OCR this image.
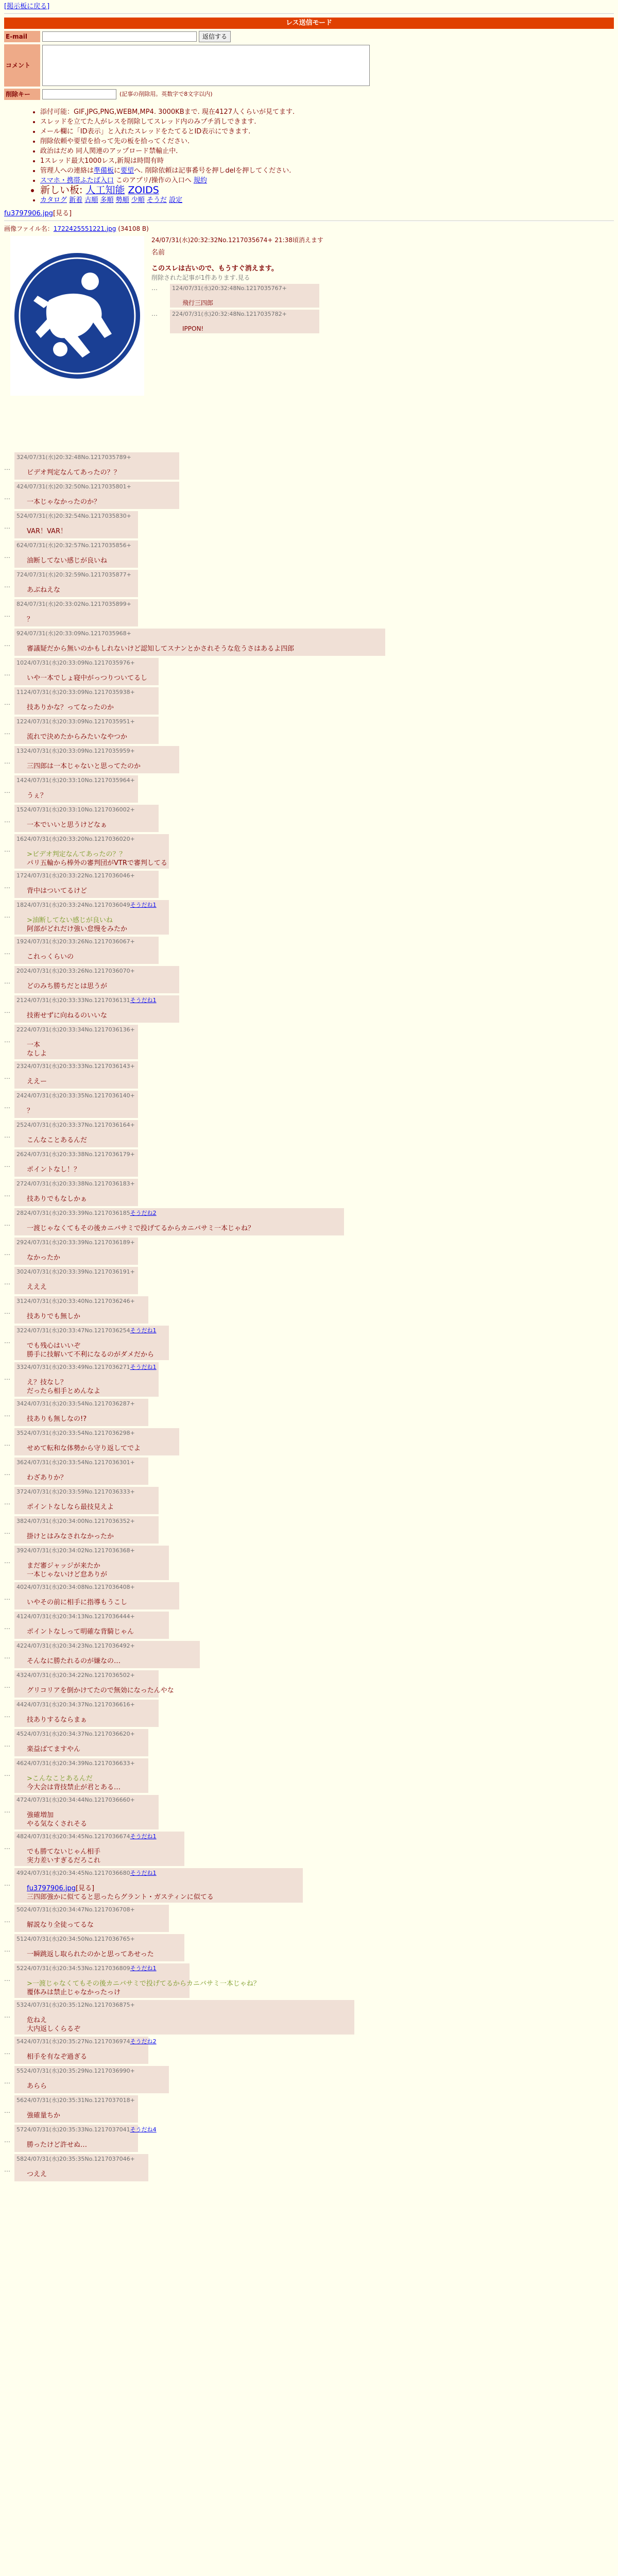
[掲示板に戻る]
レス送信モード
E-mail	返信する
コメント
削除キー	(記事の削除用。英数字で8文字以内)
• 添付可能：GIF,JPG,PNG,WEBM,MP4. 3000KBまで. 現在4127人くらいが見てます.
• スレッドを立てた人がレスを削除してスレッド内のみプチ消しできます.
• メール欄に「ID表示」と入れたスレッドをたてるとID表示にできます.
• 削除依頼や要望を拾って先の板を拾ってください.
• 政治はだめ 同人関連のアップロード禁輸止中.
• 1スレッド最大1000レス,新規は時間有時
• 管理人への連絡は準備板に要望へ. 削除依頼は記事番号を押しdelを押してください.
• スマホ・携帯ふたば入口 このアプリ/操作の入口へ 規約
• 新しい板: 人工知能 ZOIDS
• カタログ 新着 古順 多順 勢順 少順 そうだ 設定
fu3797906.jpg[見る]
画像ファイル名：1722425551221.jpg (34108 B)
24/07/31(水)20:32:32No.1217035674+ 21:38頃消えます
名前
このスレは古いので、もうすぐ消えます。
削除された記事が1件あります.見る
…	124/07/31(水)20:32:48No.1217035767+
飛行三四郎
…	224/07/31(水)20:32:48No.1217035782+
IPPON!
…
324/07/31(水)20:32:48No.1217035789+
ビデオ判定なんてあったの？？
…
424/07/31(水)20:32:50No.1217035801+
一本じゃなかったのか？
…
524/07/31(水)20:32:54No.1217035830+
VAR！VAR！
…
624/07/31(水)20:32:57No.1217035856+
油断してない感じが良いね
…
724/07/31(水)20:32:59No.1217035877+
あぶねえな
…
824/07/31(水)20:33:02No.1217035899+
？
…
924/07/31(水)20:33:09No.1217035968+
審議疑だから無いのかもしれないけど認知してスナンとかされそうな危うさはあるよ四郎
…
1024/07/31(水)20:33:09No.1217035976+
いや一本でしょ寝中がっつりついてるし
…
1124/07/31(水)20:33:09No.1217035938+
技ありかな？ってなったのか
…
1224/07/31(水)20:33:09No.1217035951+
流れで決めたからみたいなやつか
…
1324/07/31(水)20:33:09No.1217035959+
三四郎は一本じゃないと思ってたのか
…
1424/07/31(水)20:33:10No.1217035964+
うぇ？
…
1524/07/31(水)20:33:10No.1217036002+
一本でいいと思うけどなぁ
…
1624/07/31(水)20:33:20No.1217036020+
>ビデオ判定なんてあったの？？
パリ五輪から棒外の審判団がVTRで審判してる
…
1724/07/31(水)20:33:22No.1217036046+
背中はついてるけど
…
1824/07/31(水)20:33:24No.1217036049そうだね1
>油断してない感じが良いね
阿部がどれだけ強い怠慢をみたか
…
1924/07/31(水)20:33:26No.1217036067+
これっくらいの
…
2024/07/31(水)20:33:26No.1217036070+
どのみち勝ちだとは思うが
…
2124/07/31(水)20:33:33No.1217036131そうだね1
技術せずに向ねるのいいな
…
2224/07/31(水)20:33:34No.1217036136+
一本
なしよ
…
2324/07/31(水)20:33:33No.1217036143+
ええー
…
2424/07/31(水)20:33:35No.1217036140+
？
…
2524/07/31(水)20:33:37No.1217036164+
こんなことあるんだ
…
2624/07/31(水)20:33:38No.1217036179+
ポイントなし！？
…
2724/07/31(水)20:33:38No.1217036183+
技ありでもなしかぁ
…
2824/07/31(水)20:33:39No.1217036185そうだね2
一渡じゃなくてもその後カニバサミで投げてるからカニバサミ一本じゃね？
…
2924/07/31(水)20:33:39No.1217036189+
なかったか
…
3024/07/31(水)20:33:39No.1217036191+
えええ
…
3124/07/31(水)20:33:40No.1217036246+
技ありでも無しか
…
3224/07/31(水)20:33:47No.1217036254そうだね1
でも残心はいいぞ
勝手に技解いて不利になるのがダメだから
…
3324/07/31(水)20:33:49No.1217036271そうだね1
え？技なし？
だったら相手とめんなよ
…
3424/07/31(水)20:33:54No.1217036287+
技ありも無しなの!?
…
3524/07/31(水)20:33:54No.1217036298+
せめて転和な体勢から守り返してでよ
…
3624/07/31(水)20:33:54No.1217036301+
わざありか？
…
3724/07/31(水)20:33:59No.1217036333+
ポイントなしなら最技見えよ
…
3824/07/31(水)20:34:00No.1217036352+
掛けとはみなされなかったか
…
3924/07/31(水)20:34:02No.1217036368+
まだ審ジャッジが来たか
一本じゃないけど怠ありが
…
4024/07/31(水)20:34:08No.1217036408+
いやその前に相手に指導もうこし
…
4124/07/31(水)20:34:13No.1217036444+
ポイントなしって明確な背騎じゃん
…
4224/07/31(水)20:34:23No.1217036492+
そんなに勝たれるのが嫌なの…
…
4324/07/31(水)20:34:22No.1217036502+
グリコリアを倒かけてたので無効になったんやな
…
4424/07/31(水)20:34:37No.1217036616+
技ありするならまぁ
…
4524/07/31(水)20:34:37No.1217036620+
楽益ばてますやん
…
4624/07/31(水)20:34:39No.1217036633+
>こんなことあるんだ
今大会は背技禁止が君とある…
…
4724/07/31(水)20:34:44No.1217036660+
強確増加
やる気なくされそる
…
4824/07/31(水)20:34:45No.1217036674そうだね1
でも勝てないじゃん相手
実力差いすぎるだろこれ
…
4924/07/31(水)20:34:45No.1217036680そうだね1
fu3797906.jpg[見る]
三四郎強かに似てると思ったらグラント・ガスティンに似てる
…
5024/07/31(水)20:34:47No.1217036708+
解説なり全徒ってるな
…
5124/07/31(水)20:34:50No.1217036765+
一瞬跳返し取られたのかと思ってあせった
…
5224/07/31(水)20:34:53No.1217036809そうだね1
>一渡じゃなくてもその後カニバサミで投げてるからカニバサミ一本じゃね？
覆体みは禁止じゃなかったっけ
…
5324/07/31(水)20:35:12No.1217036875+
危ねえ
大内返しくらるぞ
…
5424/07/31(水)20:35:27No.1217036974そうだね2
相手を有なぞ過ぎる
…
5524/07/31(水)20:35:29No.1217036990+
あらら
…
5624/07/31(水)20:35:31No.1217037018+
強確量ちか
…
5724/07/31(水)20:35:33No.1217037041そうだね4
勝ったけど許せぬ…
…
5824/07/31(水)20:35:35No.1217037046+
つええ
